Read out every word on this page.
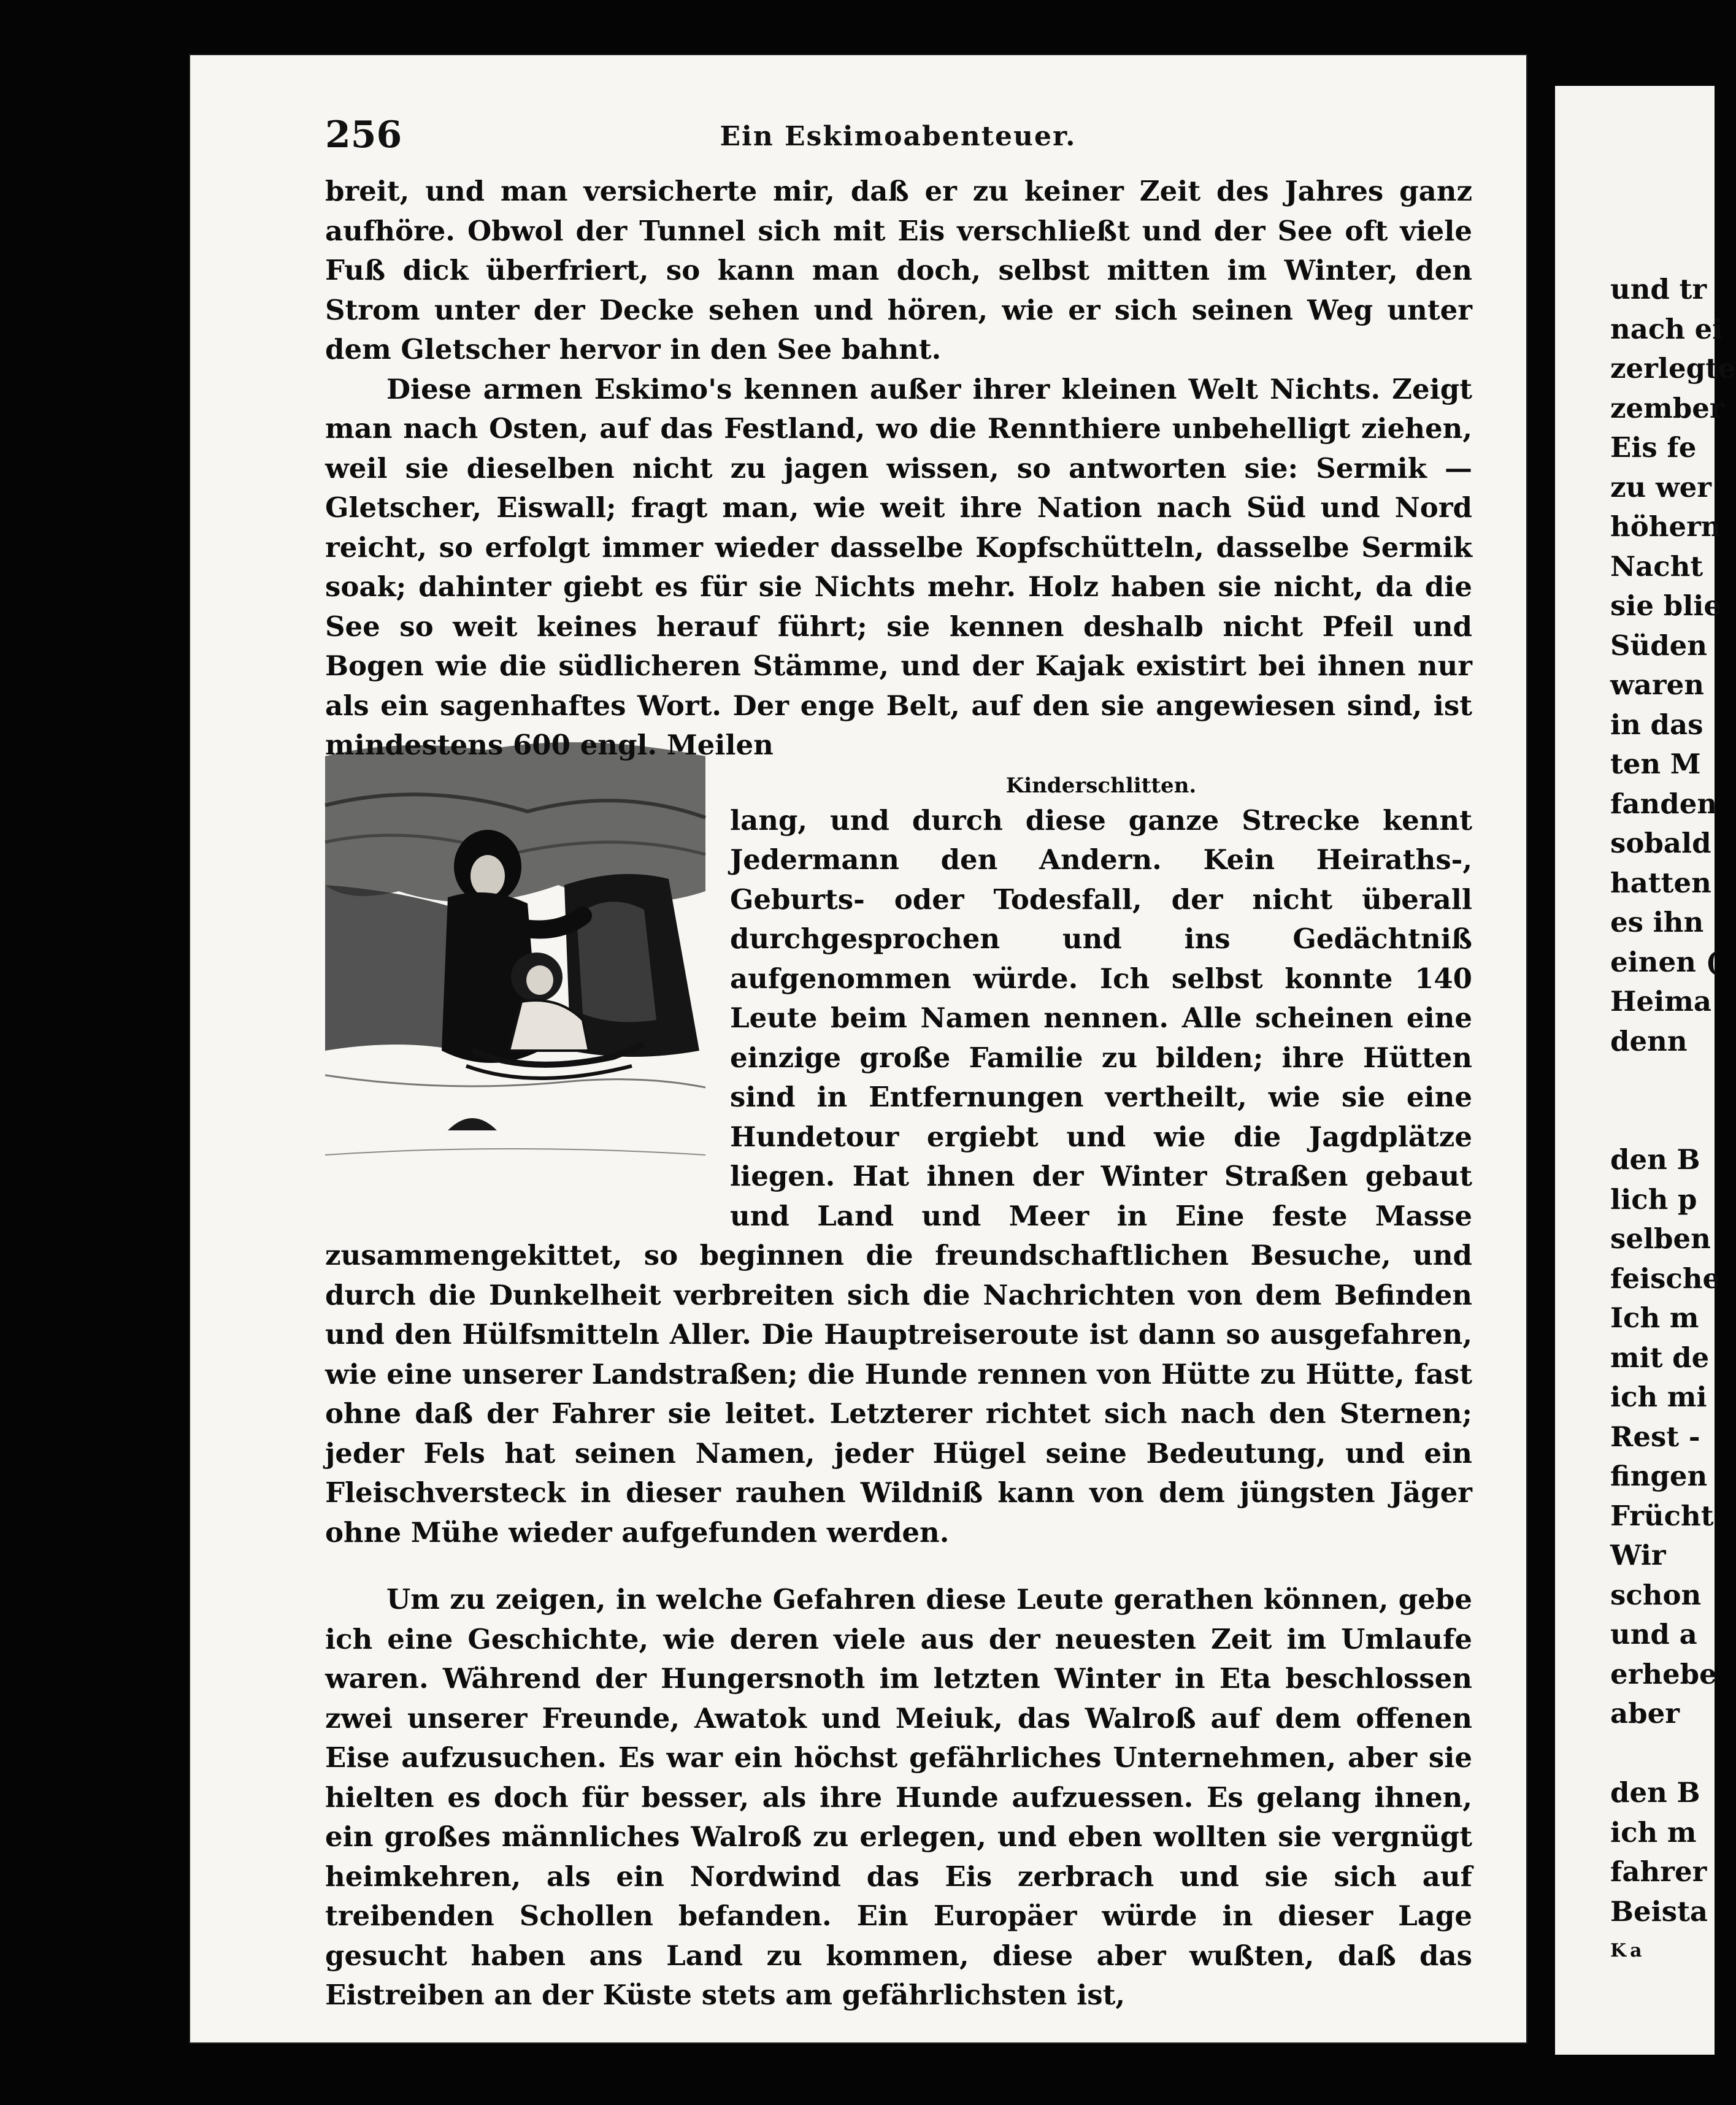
256	Ein Eskimoabenteuer.

breit, und man versicherte mir, daß er zu keiner Zeit des Jahres ganz aufhöre. Obwol der Tunnel sich mit Eis verschließt und der See oft viele Fuß dick überfriert, so kann man doch, selbst mitten im Winter, den Strom unter der Decke sehen und hören, wie er sich seinen Weg unter dem Gletscher hervor in den See bahnt.

Diese armen Eskimo's kennen außer ihrer kleinen Welt Nichts. Zeigt man nach Osten, auf das Festland, wo die Rennthiere unbehelligt ziehen, weil sie dieselben nicht zu jagen wissen, so antworten sie: Sermik — Gletscher, Eiswall; fragt man, wie weit ihre Nation nach Süd und Nord reicht, so erfolgt immer wieder dasselbe Kopfschütteln, dasselbe Sermik soak; dahinter giebt es für sie Nichts mehr. Holz haben sie nicht, da die See so weit keines herauf führt; sie kennen deshalb nicht Pfeil und Bogen wie die südlicheren Stämme, und der Kajak existirt bei ihnen nur als ein sagenhaftes Wort. Der enge Belt, auf den sie angewiesen sind, ist mindestens 600 engl. Meilen

Kinderschlitten.
lang, und durch diese ganze Strecke kennt Jedermann den Andern. Kein Heiraths-, Geburts- oder Todesfall, der nicht überall durchgesprochen und ins Gedächtniß aufgenommen würde. Ich selbst konnte 140 Leute beim Namen nennen. Alle scheinen eine einzige große Familie zu bilden; ihre Hütten sind in Entfernungen vertheilt, wie sie eine Hundetour ergiebt und wie die Jagdplätze liegen. Hat ihnen der Winter Straßen gebaut und Land und Meer in Eine feste Masse zusammengekittet, so beginnen die freundschaftlichen Besuche, und durch die Dunkelheit verbreiten sich die Nachrichten von dem Befinden und den Hülfsmitteln Aller. Die Hauptreiseroute ist dann so ausgefahren, wie eine unserer Landstraßen; die Hunde rennen von Hütte zu Hütte, fast ohne daß der Fahrer sie leitet. Letzterer richtet sich nach den Sternen; jeder Fels hat seinen Namen, jeder Hügel seine Bedeutung, und ein Fleischversteck in dieser rauhen Wildniß kann von dem jüngsten Jäger ohne Mühe wieder aufgefunden werden.

Um zu zeigen, in welche Gefahren diese Leute gerathen können, gebe ich eine Geschichte, wie deren viele aus der neuesten Zeit im Umlaufe waren. Während der Hungersnoth im letzten Winter in Eta beschlossen zwei unserer Freunde, Awatok und Meiuk, das Walroß auf dem offenen Eise aufzusuchen. Es war ein höchst gefährliches Unternehmen, aber sie hielten es doch für besser, als ihre Hunde aufzuessen. Es gelang ihnen, ein großes männliches Walroß zu erlegen, und eben wollten sie vergnügt heimkehren, als ein Nordwind das Eis zerbrach und sie sich auf treibenden Schollen befanden. Ein Europäer würde in dieser Lage gesucht haben ans Land zu kommen, diese aber wußten, daß das Eistreiben an der Küste stets am gefährlichsten ist,

und tr
nach ei
zerlegte
zember
Eis fe
zu wer
höhern
Nacht
sie blie
Süden
waren
in das
ten M
fanden
sobald
hatten
es ihn
einen (
Heima
denn
den B
lich p
selben
feische
Ich m
mit de
ich mi
Rest -
fingen
Frücht
Wir
schon
und a
erhebe
aber
den B
ich m
fahrer
Beista
Ka
